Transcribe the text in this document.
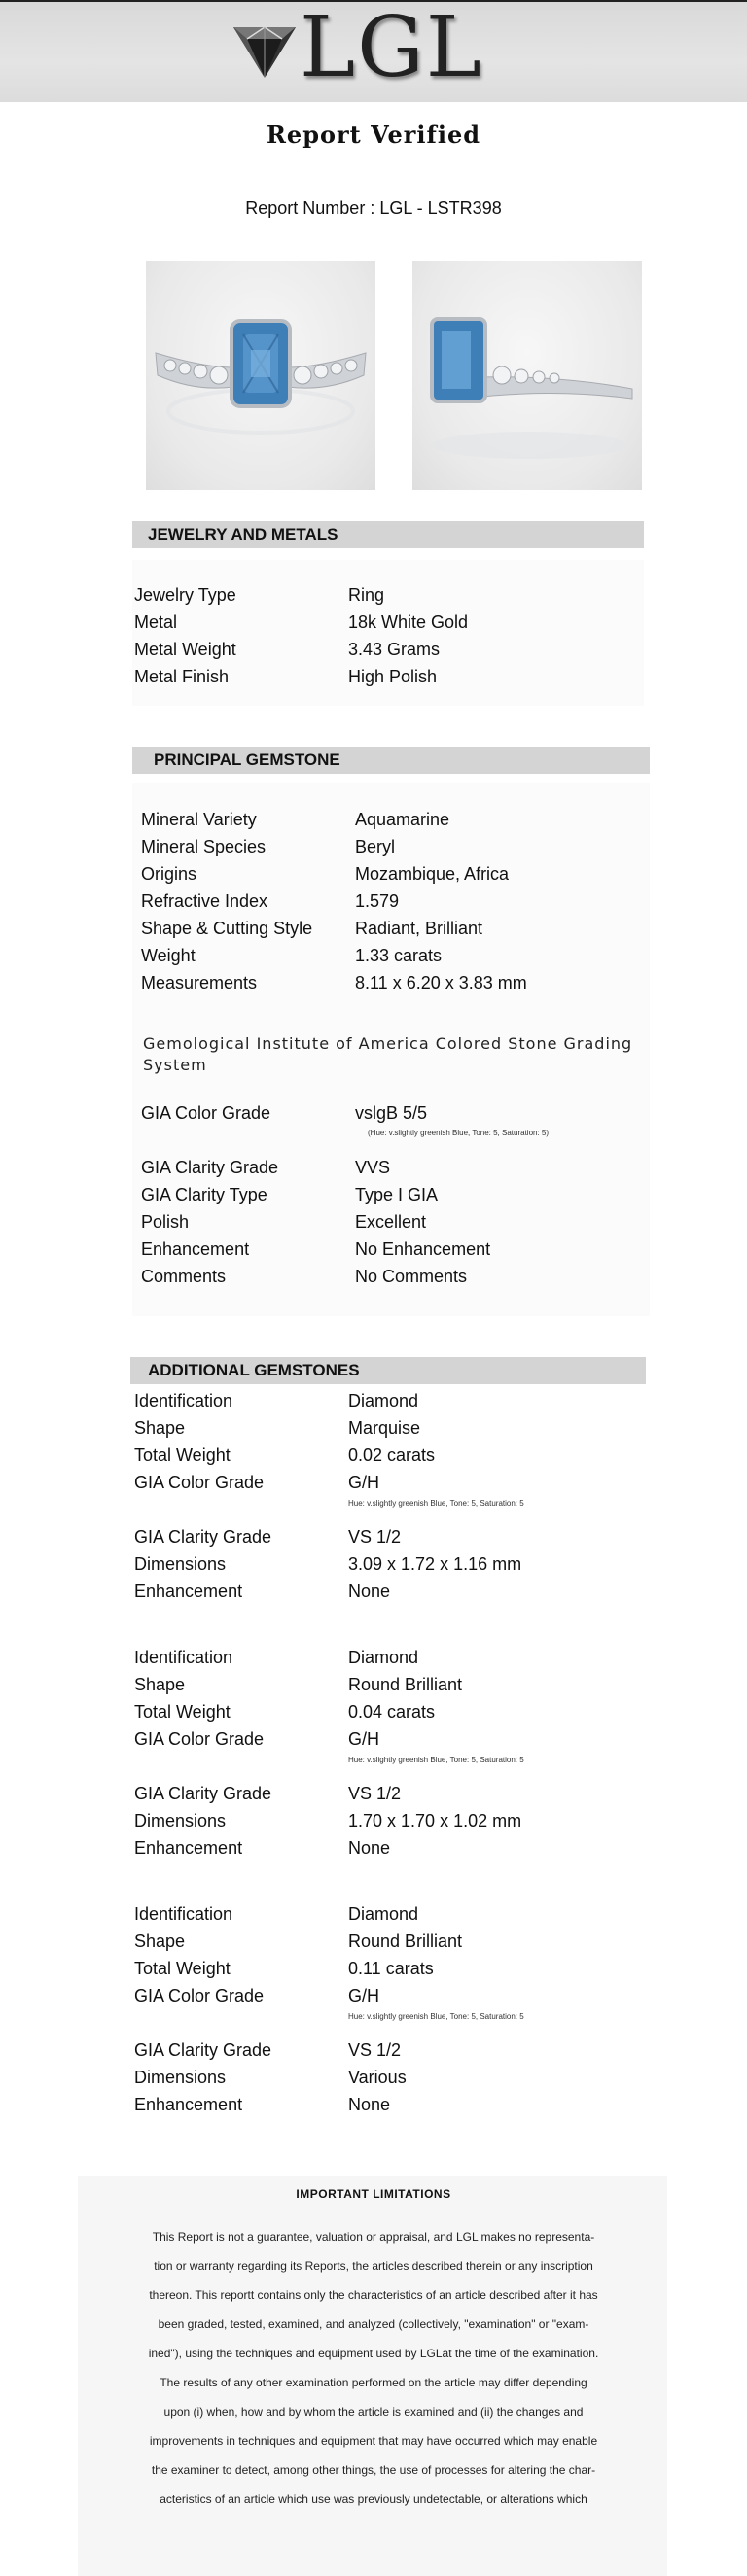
LGL
Report Verified
Report Number : LGL - LSTR398
JEWELRY AND METALS
Jewelry Type	Ring
Metal	18k White Gold
Metal Weight	3.43 Grams
Metal Finish	High Polish
PRINCIPAL GEMSTONE
Mineral Variety	Aquamarine
Mineral Species	Beryl
Origins	Mozambique, Africa
Refractive Index	1.579
Shape & Cutting Style Radiant, Brilliant
Weight	1.33 carats
Measurements	8.11 x 6.20 x 3.83 mm
Gemological Institute of America Colored Stone Grading
System
GIA Color Grade	vslgB 5/5
(Hue: v.slightly greenish Blue, Tone: 5, Saturation: 5)
GIA Clarity Grade	VVS
GIA Clarity Type	Type I GIA
Polish	Excellent
Enhancement	No Enhancement
Comments	No Comments
ADDITIONAL GEMSTONES
Identification	Diamond
Shape	Marquise
Total Weight	0.02 carats
GIA Color Grade	G/H
Hue: v.slightly greenish Blue, Tone: 5, Saturation: 5
GIA Clarity Grade	VS 1/2
Dimensions	3.09 x 1.72 x 1.16 mm
Enhancement	None
Identification	Diamond
Shape	Round Brilliant
Total Weight	0.04 carats
GIA Color Grade	G/H
Hue: v.slightly greenish Blue, Tone: 5, Saturation: 5
GIA Clarity Grade	VS 1/2
Dimensions	1.70 x 1.70 x 1.02 mm
Enhancement	None
Identification	Diamond
Shape	Round Brilliant
Total Weight	0.11 carats
GIA Color Grade	G/H
Hue: v.slightly greenish Blue, Tone: 5, Saturation: 5
GIA Clarity Grade	VS 1/2
Dimensions	Various
Enhancement	None
IMPORTANT LIMITATIONS
This Report is not a guarantee, valuation or appraisal, and LGL makes no representa-
tion or warranty regarding its Reports, the articles described therein or any inscription
thereon. This reportt contains only the characteristics of an article described after it has
been graded, tested, examined, and analyzed (collectively, "examination" or "exam-
ined"), using the techniques and equipment used by LGLat the time of the examination.
The results of any other examination performed on the article may differ depending
upon (i) when, how and by whom the article is examined and (ii) the changes and
improvements in techniques and equipment that may have occurred which may enable
the examiner to detect, among other things, the use of processes for altering the char-
acteristics of an article which use was previously undetectable, or alterations which
